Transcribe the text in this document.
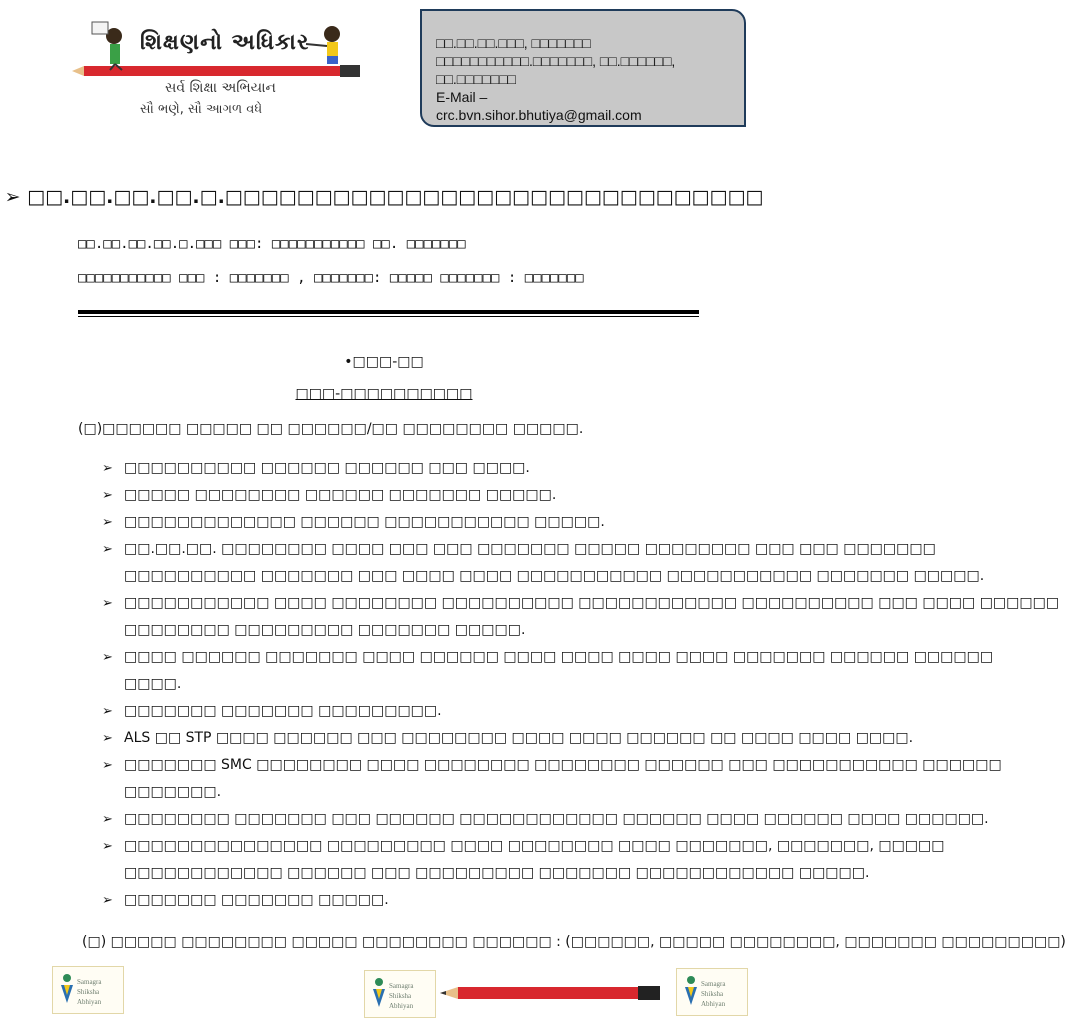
શિક્ષણનો અધિકાર
સર્વ શિક્ષા અભિયાન
સૌ ભણે, સૌ આગળ વધે
□□.□□.□□.□□□, □□□□□□□
□□□□□□□□□□□.□□□□□□□, □□.□□□□□□,
□□.□□□□□□□
E-Mail –
crc.bvn.sihor.bhutiya@gmail.com
➢ □□.□□.□□.□□.□.□□□□□□□□□□□□□□□□□□□□□□□□□□□□□□
□□.□□.□□.□□.□.□□□ □□□: □□□□□□□□□□□ □□. □□□□□□□
□□□□□□□□□□□ □□□ : □□□□□□□ , □□□□□□□: □□□□□ □□□□□□□ : □□□□□□□
•□□□-□□
□□□-□□□□□□□□□□
(□)□□□□□□ □□□□□ □□ □□□□□□/□□ □□□□□□□□ □□□□□.
➢ □□□□□□□□□□ □□□□□□ □□□□□□ □□□ □□□□.
➢ □□□□□ □□□□□□□□ □□□□□□ □□□□□□□ □□□□□.
➢ □□□□□□□□□□□□□ □□□□□□ □□□□□□□□□□□ □□□□□.
➢ □□.□□.□□. □□□□□□□□ □□□□ □□□ □□□ □□□□□□□ □□□□□ □□□□□□□□ □□□ □□□ □□□□□□□
□□□□□□□□□□ □□□□□□□ □□□ □□□□ □□□□ □□□□□□□□□□□ □□□□□□□□□□□ □□□□□□□ □□□□□.
➢ □□□□□□□□□□□ □□□□ □□□□□□□□ □□□□□□□□□□ □□□□□□□□□□□□ □□□□□□□□□□ □□□ □□□□ □□□□□□
□□□□□□□□ □□□□□□□□□ □□□□□□□ □□□□□.
➢ □□□□ □□□□□□ □□□□□□□ □□□□ □□□□□□ □□□□ □□□□ □□□□ □□□□ □□□□□□□ □□□□□□ □□□□□□
□□□□.
➢ □□□□□□□ □□□□□□□ □□□□□□□□□.
➢ ALS □□ STP □□□□ □□□□□□ □□□ □□□□□□□□ □□□□ □□□□ □□□□□□ □□ □□□□ □□□□ □□□□.
➢ □□□□□□□ SMC □□□□□□□□ □□□□ □□□□□□□□ □□□□□□□□ □□□□□□ □□□ □□□□□□□□□□□ □□□□□□
□□□□□□□.
➢ □□□□□□□□ □□□□□□□ □□□ □□□□□□ □□□□□□□□□□□□ □□□□□□ □□□□ □□□□□□ □□□□ □□□□□□.
➢ □□□□□□□□□□□□□□□ □□□□□□□□□ □□□□ □□□□□□□□ □□□□ □□□□□□□, □□□□□□□, □□□□□
□□□□□□□□□□□□ □□□□□□ □□□ □□□□□□□□□ □□□□□□□ □□□□□□□□□□□□ □□□□□.
➢ □□□□□□□ □□□□□□□ □□□□□.
(□) □□□□□ □□□□□□□□ □□□□□ □□□□□□□□ □□□□□□ : (□□□□□□, □□□□□ □□□□□□□□, □□□□□□□ □□□□□□□□□)
Samagra Shiksha
Abhiyan
Samagra Shiksha
Abhiyan
Samagra Shiksha
Abhiyan
